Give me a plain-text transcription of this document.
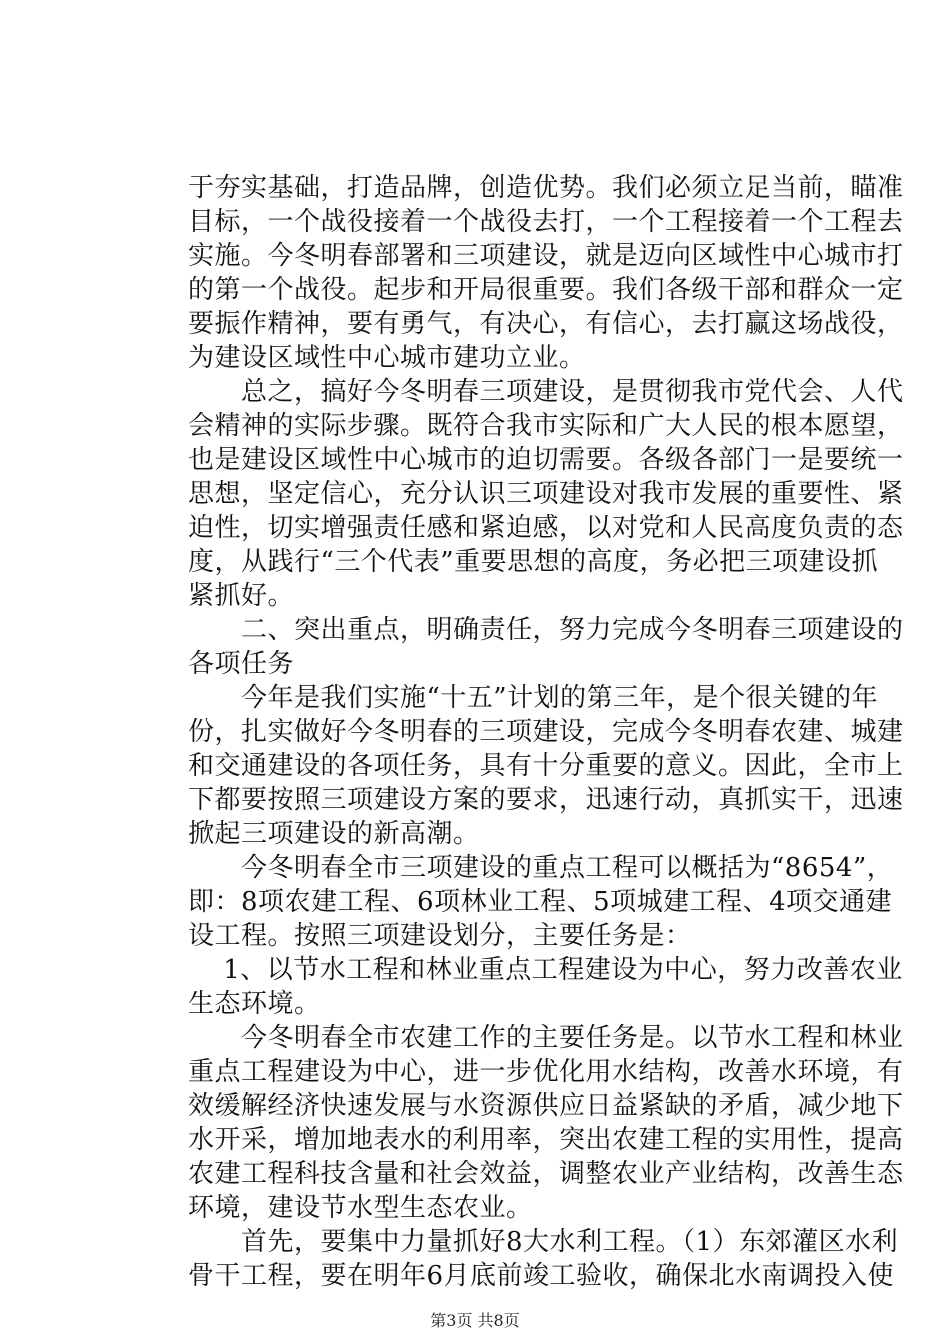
于夯实基础，打造品牌，创造优势。我们必须立足当前，瞄准
目标，一个战役接着一个战役去打，一个工程接着一个工程去
实施。今冬明春部署和三项建设，就是迈向区域性中心城市打
的第一个战役。起步和开局很重要。我们各级干部和群众一定
要振作精神，要有勇气，有决心，有信心，去打赢这场战役，
为建设区域性中心城市建功立业。
　　总之，搞好今冬明春三项建设，是贯彻我市党代会、人代
会精神的实际步骤。既符合我市实际和广大人民的根本愿望，
也是建设区域性中心城市的迫切需要。各级各部门一是要统一
思想，坚定信心，充分认识三项建设对我市发展的重要性、紧
迫性，切实增强责任感和紧迫感，以对党和人民高度负责的态
度，从践行“三个代表”重要思想的高度，务必把三项建设抓
紧抓好。
　　二、突出重点，明确责任，努力完成今冬明春三项建设的
各项任务
　　今年是我们实施“十五”计划的第三年，是个很关键的年
份，扎实做好今冬明春的三项建设，完成今冬明春农建、城建
和交通建设的各项任务，具有十分重要的意义。因此，全市上
下都要按照三项建设方案的要求，迅速行动，真抓实干，迅速
掀起三项建设的新高潮。
　　今冬明春全市三项建设的重点工程可以概括为“8654”，
即：8项农建工程、6项林业工程、5项城建工程、4项交通建
设工程。按照三项建设划分，主要任务是：
　 1、以节水工程和林业重点工程建设为中心，努力改善农业
生态环境。
　　今冬明春全市农建工作的主要任务是。以节水工程和林业
重点工程建设为中心，进一步优化用水结构，改善水环境，有
效缓解经济快速发展与水资源供应日益紧缺的矛盾，减少地下
水开采，增加地表水的利用率，突出农建工程的实用性，提高
农建工程科技含量和社会效益，调整农业产业结构，改善生态
环境，建设节水型生态农业。
　　首先，要集中力量抓好8大水利工程。（1）东郊灌区水利
骨干工程，要在明年6月底前竣工验收，确保北水南调投入使
第3页 共8页
